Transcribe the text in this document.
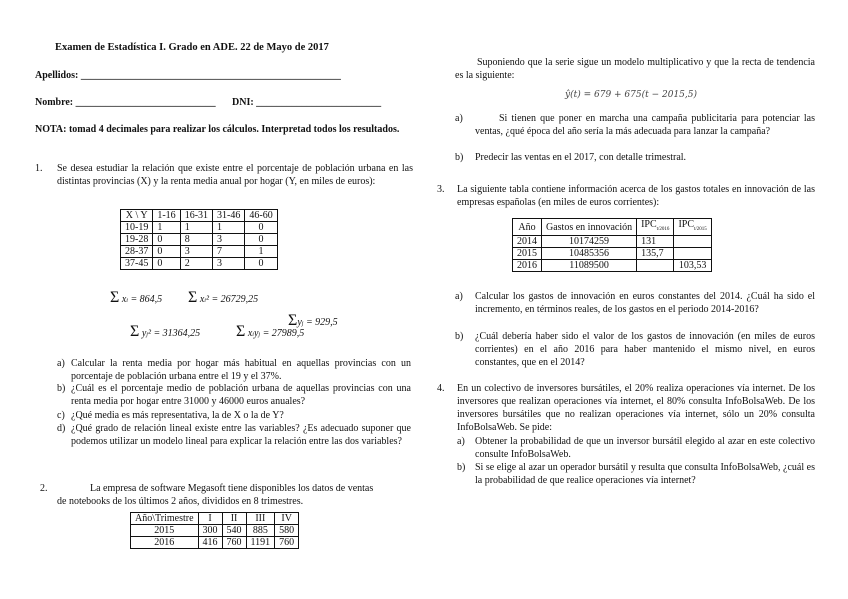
Examen de Estadística I. Grado en ADE. 22 de Mayo de 2017
Apellidos: ____________________________________________________
Nombre: ____________________________ DNI: _________________________
NOTA: tomad 4 decimales para realizar los cálculos. Interpretad todos los resultados.
1. Se desea estudiar la relación que existe entre el porcentaje de población urbana en las distintas provincias (X) y la renta media anual por hogar (Y, en miles de euros):
X \ Y	1-16	16-31	31-46	46-60
10-19	1	1	1	0
19-28	0	8	3	0
28-37	0	3	7	1
37-45	0	2	3	0
Σ xi = 864,5 Σ xi² = 26729,25
Σ yj² = 31364,25 Σ xiyj = 27989,5
Σyj = 929,5
a) Calcular la renta media por hogar más habitual en aquellas provincias con un porcentaje de población urbana entre el 19 y el 37%.
b) ¿Cuál es el porcentaje medio de población urbana de aquellas provincias con una renta media por hogar entre 31000 y 46000 euros anuales?
c) ¿Qué media es más representativa, la de X o la de Y?
d) ¿Qué grado de relación lineal existe entre las variables? ¿Es adecuado suponer que podemos utilizar un modelo lineal para explicar la relación entre las dos variables?
2.	La empresa de software Megasoft tiene disponibles los datos de ventas
de notebooks de los últimos 2 años, divididos en 8 trimestres.
Año\Trimestre	I	II	III	IV
2015	300	540	885	580
2016	416	760	1191	760
Suponiendo que la serie sigue un modelo multiplicativo y que la recta de tendencia es la siguiente:
ŷ(t) = 679 + 675(t − 2015,5)
a)	Si tienen que poner en marcha una campaña publicitaria para potenciar las ventas, ¿qué época del año sería la más adecuada para lanzar la campaña?
b) Predecir las ventas en el 2017, con detalle trimestral.
3. La siguiente tabla contiene información acerca de los gastos totales en innovación de las empresas españolas (en miles de euros corrientes):
Año	Gastos en innovación	$IPC_{t/2016}$	$IPC_{t/2015}$
2014	10174259	131	
2015	10485356	135,7	
2016	11089500		103,53
a) Calcular los gastos de innovación en euros constantes del 2014. ¿Cuál ha sido el incremento, en términos reales, de los gastos en el periodo 2014-2016?
b) ¿Cuál debería haber sido el valor de los gastos de innovación (en miles de euros corrientes) en el año 2016 para haber mantenido el mismo nivel, en euros constantes, que en el 2014?
4. En un colectivo de inversores bursátiles, el 20% realiza operaciones vía internet. De los inversores que realizan operaciones vía internet, el 80% consulta InfoBolsaWeb. De los inversores bursátiles que no realizan operaciones vía internet, sólo un 20% consulta InfoBolsaWeb. Se pide:
a) Obtener la probabilidad de que un inversor bursátil elegido al azar en este colectivo consulte InfoBolsaWeb.
b) Si se elige al azar un operador bursátil y resulta que consulta InfoBolsaWeb, ¿cuál es la probabilidad de que realice operaciones vía internet?
